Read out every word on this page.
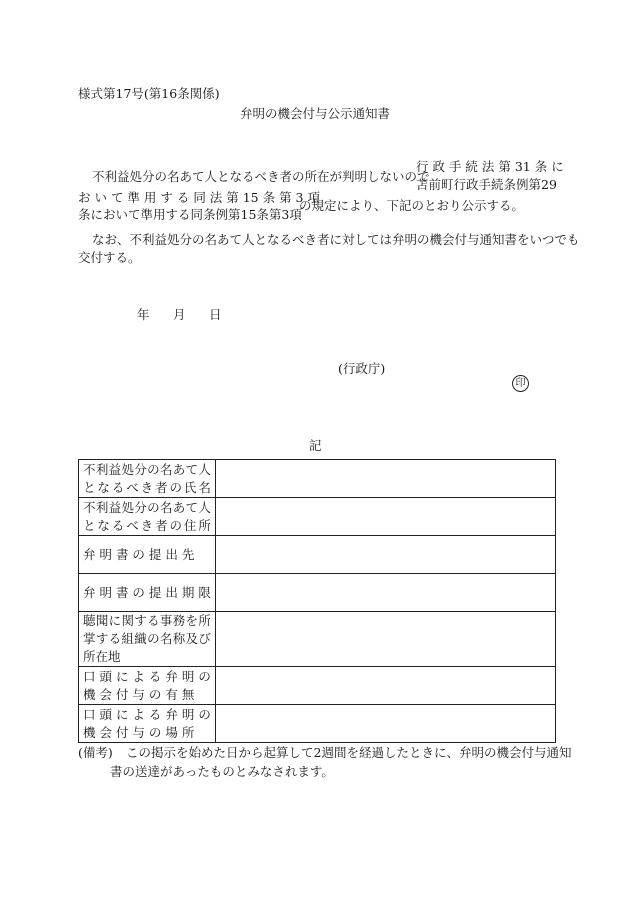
様式第17号(第16条関係)
弁明の機会付与公示通知書
不利益処分の名あて人となるべき者の所在が判明しないので
行 政 手 続 法 第 31 条 に
苫前町行政手続条例第29
お い て 準 用 す る 同 法 第 15 条 第 3 項
条において準用する同条例第15条第3項
の規定により、下記のとおり公示する。
なお、不利益処分の名あて人となるべき者に対しては弁明の機会付与通知書をいつでも
交付する。
年 月 日
(行政庁)
印
記
不利益処分の名あて人
となるべき者の氏名	

不利益処分の名あて人
となるべき者の住所	

弁 明 書 の 提 出 先	

弁 明 書 の 提 出 期 限	

聴聞に関する事務を所
掌する組織の名称及び
所在地	

口 頭 に よ る 弁 明 の
機 会 付 与 の 有 無	

口 頭 に よ る 弁 明 の
機 会 付 与 の 場 所	

(備考) この掲示を始めた日から起算して2週間を経過したときに、弁明の機会付与通知
書の送達があったものとみなされます。
